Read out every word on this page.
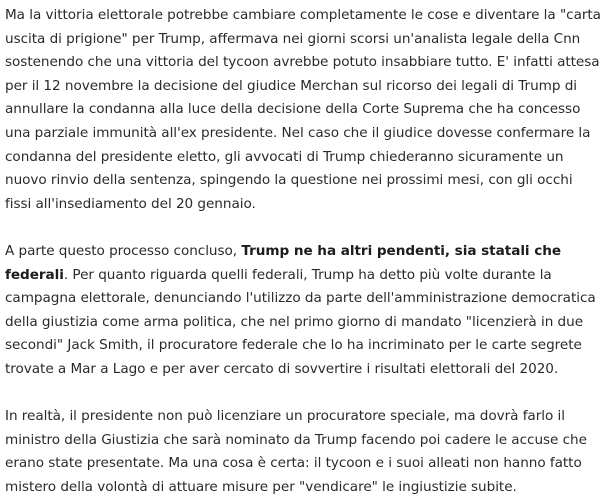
Ma la vittoria elettorale potrebbe cambiare completamente le cose e diventare la "carta uscita di prigione" per Trump, affermava nei giorni scorsi un'analista legale della Cnn sostenendo che una vittoria del tycoon avrebbe potuto insabbiare tutto. E' infatti attesa per il 12 novembre la decisione del giudice Merchan sul ricorso dei legali di Trump di annullare la condanna alla luce della decisione della Corte Suprema che ha concesso una parziale immunità all'ex presidente. Nel caso che il giudice dovesse confermare la condanna del presidente eletto, gli avvocati di Trump chiederanno sicuramente un nuovo rinvio della sentenza, spingendo la questione nei prossimi mesi, con gli occhi fissi all'insediamento del 20 gennaio.

A parte questo processo concluso, Trump ne ha altri pendenti, sia statali che federali. Per quanto riguarda quelli federali, Trump ha detto più volte durante la campagna elettorale, denunciando l'utilizzo da parte dell'amministrazione democratica della giustizia come arma politica, che nel primo giorno di mandato "licenzierà in due secondi" Jack Smith, il procuratore federale che lo ha incriminato per le carte segrete trovate a Mar a Lago e per aver cercato di sovvertire i risultati elettorali del 2020.

In realtà, il presidente non può licenziare un procuratore speciale, ma dovrà farlo il ministro della Giustizia che sarà nominato da Trump facendo poi cadere le accuse che erano state presentate. Ma una cosa è certa: il tycoon e i suoi alleati non hanno fatto mistero della volontà di attuare misure per "vendicare" le ingiustizie subite.
